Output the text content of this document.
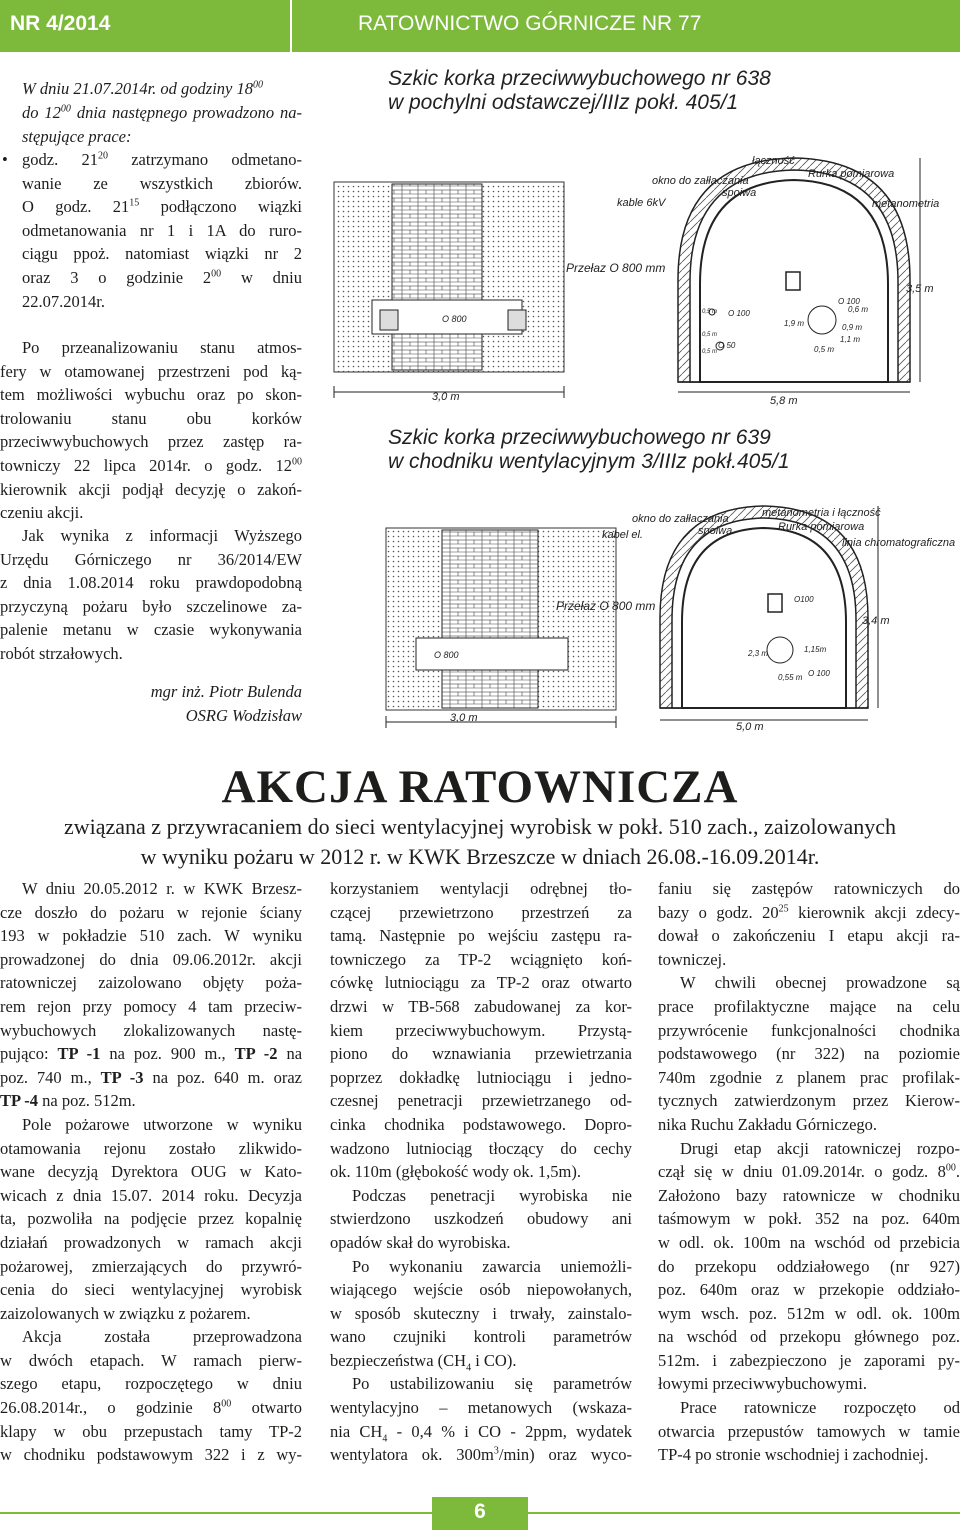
NR 4/2014	RATOWNICTWO GÓRNICZE NR 77
W dniu 21.07.2014r. od godziny $18^{00}$
do $12^{00}$ dnia następnego prowadzono na-
stępujące prace:
• godz. $21^{20}$ zatrzymano odmetano-
wanie ze wszystkich zbiorów.
O godz. $21^{15}$ podłączono wiązki
odmetanowania nr 1 i 1A do ruro-
ciągu ppoż. natomiast wiązki nr 2
oraz 3 o godzinie $2^{00}$ w dniu
22.07.2014r.
Po przeanalizowaniu stanu atmos-
fery w otamowanej przestrzeni pod ką-
tem możliwości wybuchu oraz po skon-
trolowaniu stanu obu korków
przeciwwybuchowych przez zastęp ra-
towniczy 22 lipca 2014r. o godz. $12^{00}$
kierownik akcji podjął decyzję o zakoń-
czeniu akcji.
Jak wynika z informacji Wyższego
Urzędu Górniczego nr 36/2014/EW
z dnia 1.08.2014 roku prawdopodobną
przyczyną pożaru było szczelinowe za-
palenie metanu w czasie wykonywania
robót strzałowych.
mgr inż. Piotr Bulenda
OSRG Wodzisław
Szkic korka przeciwwybuchowego nr 638
w pochylni odstawczej/IIIz pokł. 405/1
O 800
3,0 m
łączność
okno do załłaczania
spoiwa
Rurka pomiarowa
kable 6kV	metanometria
Przełaz O 800 mm
O 100
O 50
O 100
0,5 m
0,5 m
0,5 m
1,9 m
0,6 m
0,9 m
1,1 m
0,5 m
5,8 m
3,5 m
Szkic korka przeciwwybuchowego nr 639
w chodniku wentylacyjnym 3/IIIz pokł.405/1
O 800
3,0 m
metanometria i łączność
okno do załłaczania
spoiwa	Rurka pomiarowa
kabel el.
linia chromatograficzna
Przełaz O 800 mm	O100
2,3 m	1,15m
0,55 m O 100
5,0 m
3,4 m
AKCJA RATOWNICZA
związana z przywracaniem do sieci wentylacyjnej wyrobisk w pokł. 510 zach., zaizolowanych
w wyniku pożaru w 2012 r. w KWK Brzeszcze w dniach 26.08.-16.09.2014r.
W dniu 20.05.2012 r. w KWK Brzesz-
cze doszło do pożaru w rejonie ściany
193 w pokładzie 510 zach. W wyniku
prowadzonej do dnia 09.06.2012r. akcji
ratowniczej zaizolowano objęty poża-
rem rejon przy pomocy 4 tam przeciw-
wybuchowych zlokalizowanych nastę-
pująco: TP -1 na poz. 900 m., TP -2 na
poz. 740 m., TP -3 na poz. 640 m. oraz
TP -4 na poz. 512m.
Pole pożarowe utworzone w wyniku
otamowania rejonu zostało zlikwido-
wane decyzją Dyrektora OUG w Kato-
wicach z dnia 15.07. 2014 roku. Decyzja
ta, pozwoliła na podjęcie przez kopalnię
działań prowadzonych w ramach akcji
pożarowej, zmierzających do przywró-
cenia do sieci wentylacyjnej wyrobisk
zaizolowanych w związku z pożarem.
Akcja została przeprowadzona
w dwóch etapach. W ramach pierw-
szego etapu, rozpoczętego w dniu
26.08.2014r., o godzinie $8^{00}$ otwarto
klapy w obu przepustach tamy TP-2
w chodniku podstawowym 322 i z wy-
korzystaniem wentylacji odrębnej tło-
czącej przewietrzono przestrzeń za
tamą. Następnie po wejściu zastępu ra-
towniczego za TP-2 wciągnięto koń-
cówkę lutniociągu za TP-2 oraz otwarto
drzwi w TB-568 zabudowanej za kor-
kiem przeciwwybuchowym. Przystą-
piono do wznawiania przewietrzania
poprzez dokładkę lutniociągu i jedno-
czesnej penetracji przewietrzanego od-
cinka chodnika podstawowego. Dopro-
wadzono lutniociąg tłoczący do cechy
ok. 110m (głębokość wody ok. 1,5m).
Podczas penetracji wyrobiska nie
stwierdzono uszkodzeń obudowy ani
opadów skał do wyrobiska.
Po wykonaniu zawarcia uniemożli-
wiającego wejście osób niepowołanych,
w sposób skuteczny i trwały, zainstalo-
wano czujniki kontroli parametrów
bezpieczeństwa ($CH_4$ i CO).
Po ustabilizowaniu się parametrów
wentylacyjno – metanowych (wskaza-
nia $CH_4 - 0,4$ % i CO - 2ppm, wydatek
wentylatora ok. $300m^3/\min$) oraz wyco-
faniu się zastępów ratowniczych do
bazy o godz. $20^{25}$ kierownik akcji zdecy-
dował o zakończeniu I etapu akcji ra-
towniczej.
W chwili obecnej prowadzone są
prace profilaktyczne mające na celu
przywrócenie funkcjonalności chodnika
podstawowego (nr 322) na poziomie
740m zgodnie z planem prac profilak-
tycznych zatwierdzonym przez Kierow-
nika Ruchu Zakładu Górniczego.
Drugi etap akcji ratowniczej rozpo-
czął się w dniu 01.09.2014r. o godz. $8^{00}$.
Założono bazy ratownicze w chodniku
taśmowym w pokł. 352 na poz. 640m
w odl. ok. 100m na wschód od przebicia
do przekopu oddziałowego (nr 927)
poz. 640m oraz w przekopie oddziało-
wym wsch. poz. 512m w odl. ok. 100m
na wschód od przekopu głównego poz.
512m. i zabezpieczono je zaporami py-
łowymi przeciwwybuchowymi.
Prace ratownicze rozpoczęto od
otwarcia przepustów tamowych w tamie
TP-4 po stronie wschodniej i zachodniej.
6
